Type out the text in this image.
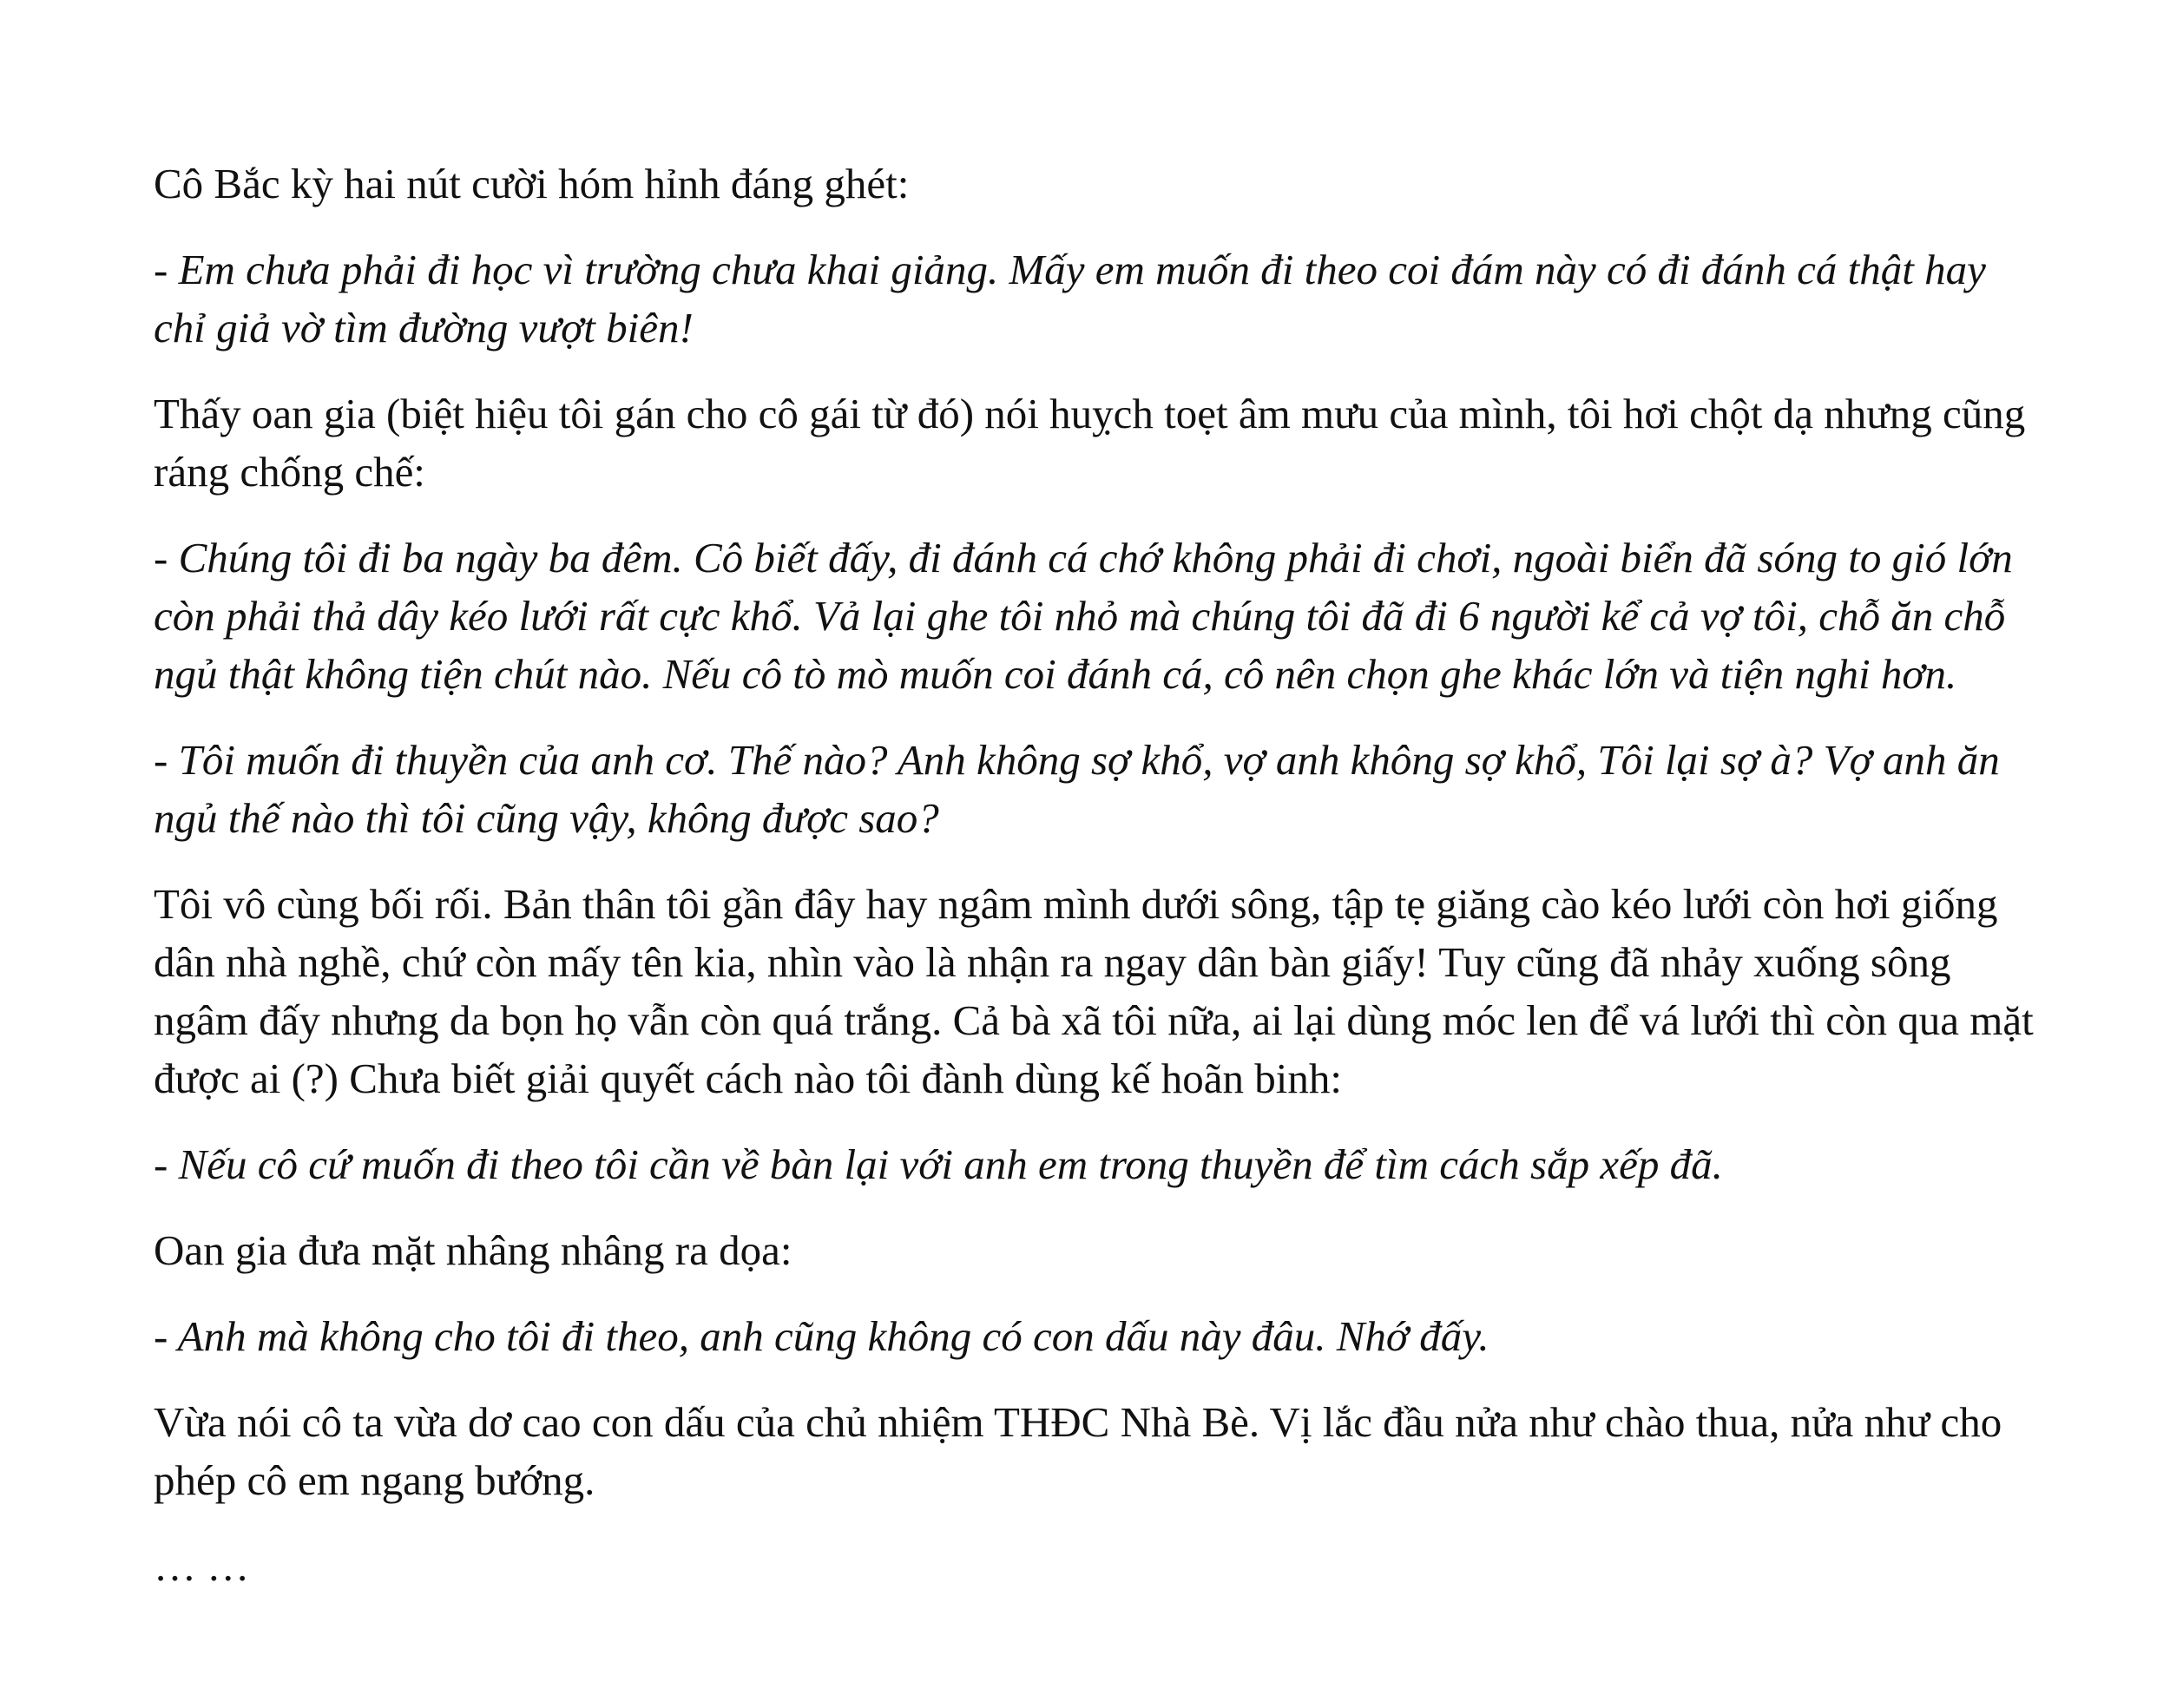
Cô Bắc kỳ hai nút cười hóm hỉnh đáng ghét:

- Em chưa phải đi học vì trường chưa khai giảng. Mấy em muốn đi theo coi đám này có đi đánh cá thật hay chỉ giả vờ tìm đường vượt biên!

Thấy oan gia (biệt hiệu tôi gán cho cô gái từ đó) nói huỵch toẹt âm mưu của mình, tôi hơi chột dạ nhưng cũng ráng chống chế:

- Chúng tôi đi ba ngày ba đêm. Cô biết đấy, đi đánh cá chớ không phải đi chơi, ngoài biển đã sóng to gió lớn còn phải thả dây kéo lưới rất cực khổ. Vả lại ghe tôi nhỏ mà chúng tôi đã đi 6 người kể cả vợ tôi, chỗ ăn chỗ ngủ thật không tiện chút nào. Nếu cô tò mò muốn coi đánh cá, cô nên chọn ghe khác lớn và tiện nghi hơn.

- Tôi muốn đi thuyền của anh cơ. Thế nào? Anh không sợ khổ, vợ anh không sợ khổ, Tôi lại sợ à? Vợ anh ăn ngủ thế nào thì tôi cũng vậy, không được sao?

Tôi vô cùng bối rối. Bản thân tôi gần đây hay ngâm mình dưới sông, tập tẹ giăng cào kéo lưới còn hơi giống dân nhà nghề, chứ còn mấy tên kia, nhìn vào là nhận ra ngay dân bàn giấy! Tuy cũng đã nhảy xuống sông ngâm đấy nhưng da bọn họ vẫn còn quá trắng. Cả bà xã tôi nữa, ai lại dùng móc len để vá lưới thì còn qua mặt được ai (?) Chưa biết giải quyết cách nào tôi đành dùng kế hoãn binh:

- Nếu cô cứ muốn đi theo tôi cần về bàn lại với anh em trong thuyền để tìm cách sắp xếp đã.

Oan gia đưa mặt nhâng nhâng ra dọa:

- Anh mà không cho tôi đi theo, anh cũng không có con dấu này đâu. Nhớ đấy.

Vừa nói cô ta vừa dơ cao con dấu của chủ nhiệm THĐC Nhà Bè. Vị lắc đầu nửa như chào thua, nửa như cho phép cô em ngang bướng.

… …
